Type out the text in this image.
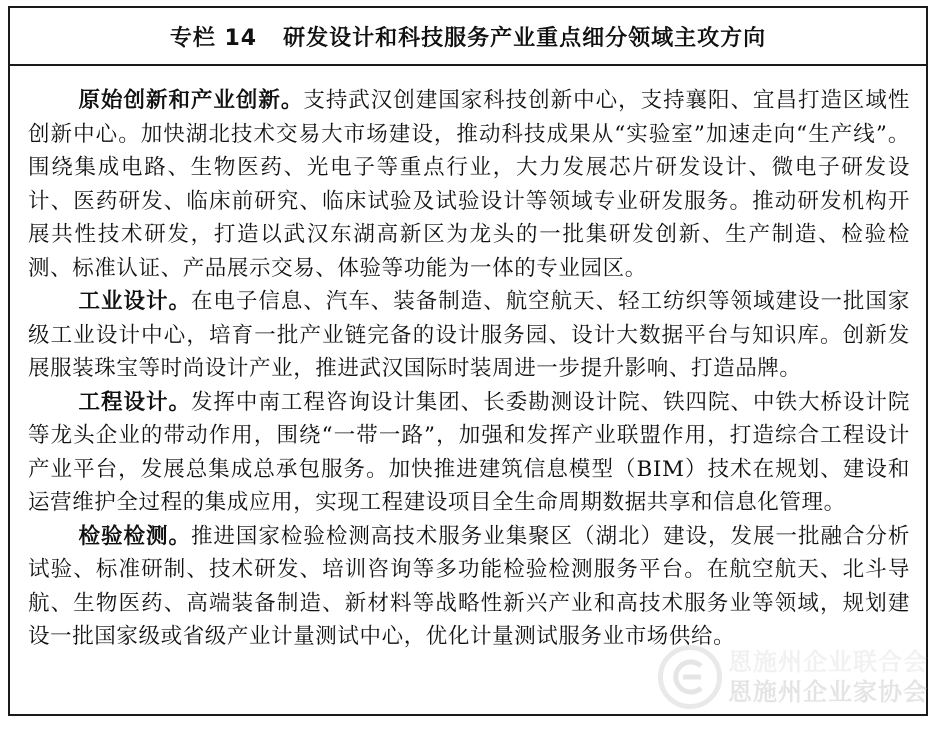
专栏 14 研发设计和科技服务产业重点细分领域主攻方向

原始创新和产业创新。支持武汉创建国家科技创新中心，支持襄阳、宜昌打造区域性创新中心。加快湖北技术交易大市场建设，推动科技成果从“实验室”加速走向“生产线”。围绕集成电路、生物医药、光电子等重点行业，大力发展芯片研发设计、微电子研发设计、医药研发、临床前研究、临床试验及试验设计等领域专业研发服务。推动研发机构开展共性技术研发，打造以武汉东湖高新区为龙头的一批集研发创新、生产制造、检验检测、标准认证、产品展示交易、体验等功能为一体的专业园区。

工业设计。在电子信息、汽车、装备制造、航空航天、轻工纺织等领域建设一批国家级工业设计中心，培育一批产业链完备的设计服务园、设计大数据平台与知识库。创新发展服装珠宝等时尚设计产业，推进武汉国际时装周进一步提升影响、打造品牌。

工程设计。发挥中南工程咨询设计集团、长委勘测设计院、铁四院、中铁大桥设计院等龙头企业的带动作用，围绕“一带一路”，加强和发挥产业联盟作用，打造综合工程设计产业平台，发展总集成总承包服务。加快推进建筑信息模型（BIM）技术在规划、建设和运营维护全过程的集成应用，实现工程建设项目全生命周期数据共享和信息化管理。

检验检测。推进国家检验检测高技术服务业集聚区（湖北）建设，发展一批融合分析试验、标准研制、技术研发、培训咨询等多功能检验检测服务平台。在航空航天、北斗导航、生物医药、高端装备制造、新材料等战略性新兴产业和高技术服务业等领域，规划建设一批国家级或省级产业计量测试中心，优化计量测试服务业市场供给。

恩施州企业联合会
恩施州企业家协会
